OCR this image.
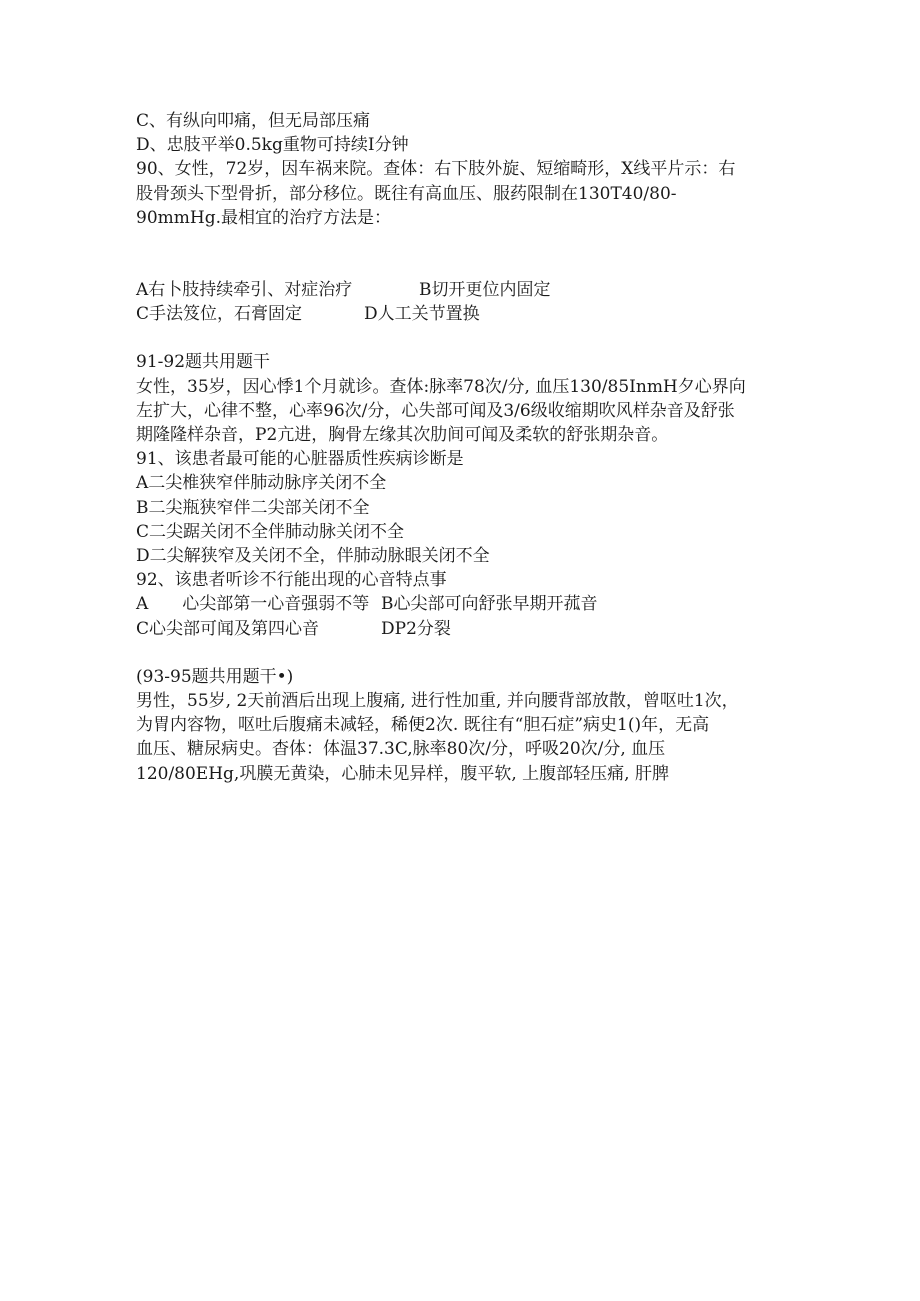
C、有纵向叩痛，但无局部压痛
D、忠肢平举0.5kg重物可持续I分钟
90、女性，72岁，因车祸来院。查体：右下肢外旋、短缩畸形，X线平片示：右
股骨颈头下型骨折，部分移位。既往有高血压、服药限制在130T40∕80-
90mmHg.最相宜的治疗方法是：
A右卜肢持续牵引、对症治疗	B切开更位内固定
C手法笈位，石膏固定	D人工关节置换
91-92题共用题干
女性，35岁，因心悸1个月就诊。查体:脉率78次/分, 血压130/85InmH夕心界向
左扩大，心律不整，心率96次/分，心失部可闻及3/6级收缩期吹风样杂音及舒张
期隆隆样杂音，P2亢进，胸骨左缘其次肋间可闻及柔软的舒张期杂音。
91、该患者最可能的心脏器质性疾病诊断是
A二尖椎狭窄伴肺动脉序关闭不全
B二尖瓶狭窄伴二尖部关闭不全
C二尖踞关闭不全伴肺动脉关闭不全
D二尖解狭窄及关闭不全，伴肺动脉眼关闭不全
92、该患者听诊不行能出现的心音特点事
A　　心尖部第一心音强弱不等 B心尖部可向舒张早期开菰音
C心尖部可闻及第四心音	DP2分裂
(93-95题共用题干•)
男性，55岁, 2天前酒后出现上腹痛, 进行性加重, 并向腰背部放散，曾呕吐1次，
为胃内容物，呕吐后腹痛未减轻，稀便2次. 既往有“胆石症”病史1()年，无高
血压、糖尿病史。杳体：体温37.3C,脉率80次/分，呼吸20次/分, 血压
120/80EHg,巩膜无黄染，心肺未见异样，腹平软, 上腹部轻压痛, 肝脾
